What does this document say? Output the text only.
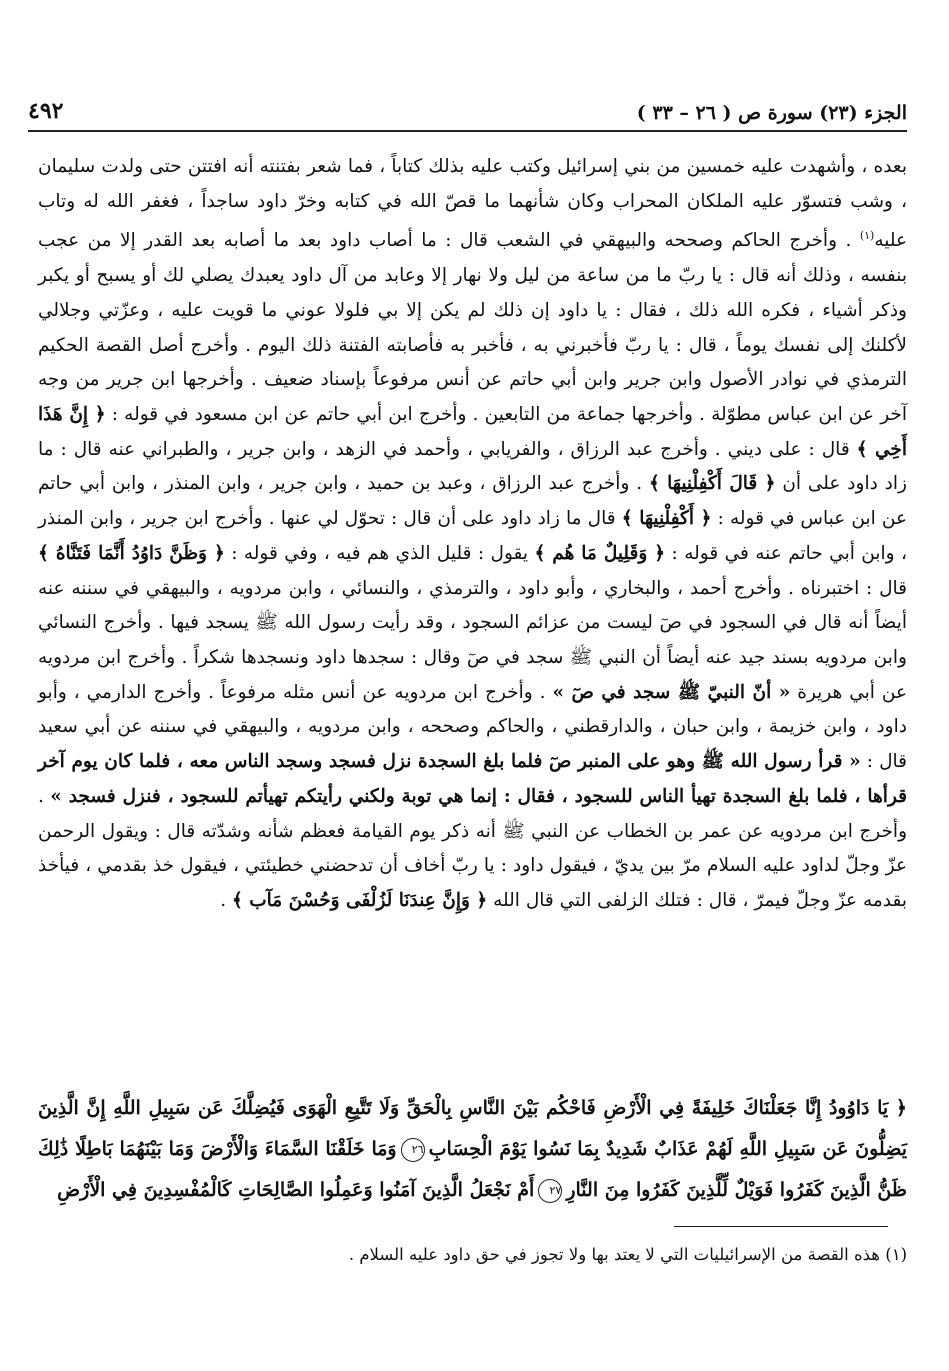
الجزء (٢٣) سورة ص ( ٢٦ – ٣٣ )
٤٩٢

بعده ، وأشهدت عليه خمسين من بني إسرائيل وكتب عليه بذلك كتاباً ، فما شعر بفتنته أنه افتتن حتى ولدت سليمان ، وشب فتسوّر عليه الملكان المحراب وكان شأنهما ما قصّ الله في كتابه وخرّ داود ساجداً ، فغفر الله له وتاب عليه$^{(١)}$ . وأخرج الحاكم وصححه والبيهقي في الشعب قال : ما أصاب داود بعد ما أصابه بعد القدر إلا من عجب بنفسه ، وذلك أنه قال : يا ربّ ما من ساعة من ليل ولا نهار إلا وعابد من آل داود يعبدك يصلي لك أو يسبح أو يكبر وذكر أشياء ، فكره الله ذلك ، فقال : يا داود إن ذلك لم يكن إلا بي فلولا عوني ما قويت عليه ، وعزّتي وجلالي لأكلنك إلى نفسك يوماً ، قال : يا ربّ فأخبرني به ، فأخبر به فأصابته الفتنة ذلك اليوم . وأخرج أصل القصة الحكيم الترمذي في نوادر الأصول وابن جرير وابن أبي حاتم عن أنس مرفوعاً بإسناد ضعيف . وأخرجها ابن جرير من وجه آخر عن ابن عباس مطوّلة . وأخرجها جماعة من التابعين . وأخرج ابن أبي حاتم عن ابن مسعود في قوله : ﴿ إِنَّ هَذَا أَخِي ﴾ قال : على ديني . وأخرج عبد الرزاق ، والفريابي ، وأحمد في الزهد ، وابن جرير ، والطبراني عنه قال : ما زاد داود على أن ﴿ قَالَ أَكْفِلْنِيهَا ﴾ . وأخرج عبد الرزاق ، وعبد بن حميد ، وابن جرير ، وابن المنذر ، وابن أبي حاتم عن ابن عباس في قوله : ﴿ أَكْفِلْنِيهَا ﴾ قال ما زاد داود على أن قال : تحوّل لي عنها . وأخرج ابن جرير ، وابن المنذر ، وابن أبي حاتم عنه في قوله : ﴿ وَقَلِيلٌ مَا هُم ﴾ يقول : قليل الذي هم فيه ، وفي قوله : ﴿ وَظَنَّ دَاوُدُ أَنَّمَا فَتَنَّاهُ ﴾ قال : اختبرناه . وأخرج أحمد ، والبخاري ، وأبو داود ، والترمذي ، والنسائي ، وابن مردويه ، والبيهقي في سننه عنه أيضاً أنه قال في السجود في صٓ ليست من عزائم السجود ، وقد رأيت رسول الله ﷺ يسجد فيها . وأخرج النسائي وابن مردويه بسند جيد عنه أيضاً أن النبي ﷺ سجد في صٓ وقال : سجدها داود ونسجدها شكراً . وأخرج ابن مردويه عن أبي هريرة « أنّ النبيّ ﷺ سجد في صٓ » . وأخرج ابن مردويه عن أنس مثله مرفوعاً . وأخرج الدارمي ، وأبو داود ، وابن خزيمة ، وابن حبان ، والدارقطني ، والحاكم وصححه ، وابن مردويه ، والبيهقي في سننه عن أبي سعيد قال : « قرأ رسول الله ﷺ وهو على المنبر صٓ فلما بلغ السجدة نزل فسجد وسجد الناس معه ، فلما كان يوم آخر قرأها ، فلما بلغ السجدة تهيأ الناس للسجود ، فقال : إنما هي توبة ولكني رأيتكم تهيأتم للسجود ، فنزل فسجد » . وأخرج ابن مردويه عن عمر بن الخطاب عن النبي ﷺ أنه ذكر يوم القيامة فعظم شأنه وشدّته قال : ويقول الرحمن عزّ وجلّ لداود عليه السلام مرّ بين يديّ ، فيقول داود : يا ربّ أخاف أن تدحضني خطيئتي ، فيقول خذ بقدمي ، فيأخذ بقدمه عزّ وجلّ فيمرّ ، قال : فتلك الزلفى التي قال الله ﴿ وَإِنَّ عِندَنَا لَزُلْفَى وَحُسْنَ مَآب ﴾ .

﴿ يَا دَاوُودُ إِنَّا جَعَلْنَاكَ خَلِيفَةً فِي الْأَرْضِ فَاحْكُم بَيْنَ النَّاسِ بِالْحَقِّ وَلَا تَتَّبِعِ الْهَوَى فَيُضِلَّكَ عَن سَبِيلِ اللَّهِ إِنَّ الَّذِينَ يَضِلُّونَ عَن سَبِيلِ اللَّهِ لَهُمْ عَذَابٌ شَدِيدٌ بِمَا نَسُوا يَوْمَ الْحِسَابِ٢٦وَمَا خَلَقْنَا السَّمَاءَ وَالْأَرْضَ وَمَا بَيْنَهُمَا بَاطِلًا ذَٰلِكَ ظَنُّ الَّذِينَ كَفَرُوا فَوَيْلٌ لِّلَّذِينَ كَفَرُوا مِنَ النَّارِ٢٧أَمْ نَجْعَلُ الَّذِينَ آمَنُوا وَعَمِلُوا الصَّالِحَاتِ كَالْمُفْسِدِينَ فِي الْأَرْضِ

(١) هذه القصة من الإسرائيليات التي لا يعتد بها ولا تجوز في حق داود عليه السلام .
